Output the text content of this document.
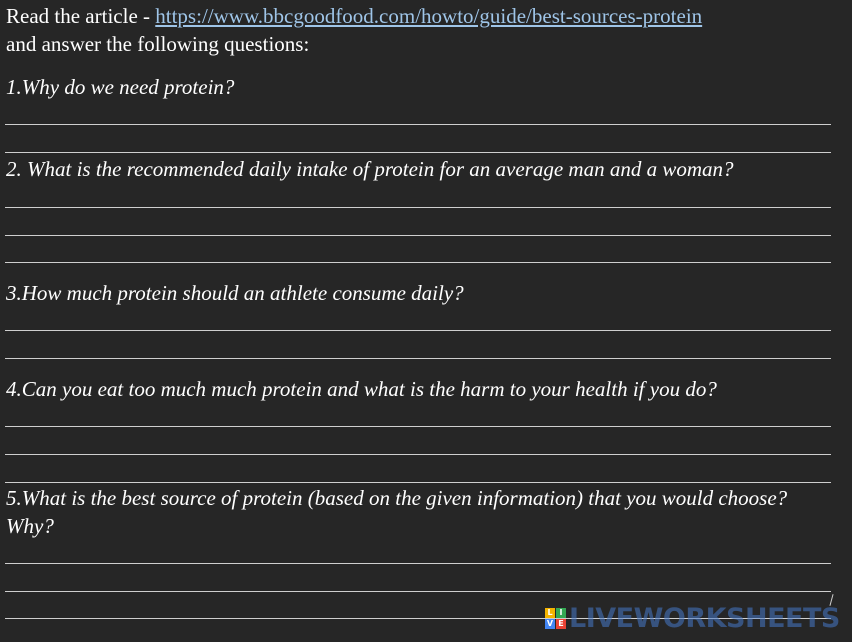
Read the article - https://www.bbcgoodfood.com/howto/guide/best-sources-protein
and answer the following questions:
1.Why do we need protein?
2. What is the recommended daily intake of protein for an average man and a woman?
3.How much protein should an athlete consume daily?
4.Can you eat too much much protein and what is the harm to your health if you do?
5.What is the best source of protein (based on the given information) that you would choose? Why?
L I
V E LIVEWORKSHEETS
